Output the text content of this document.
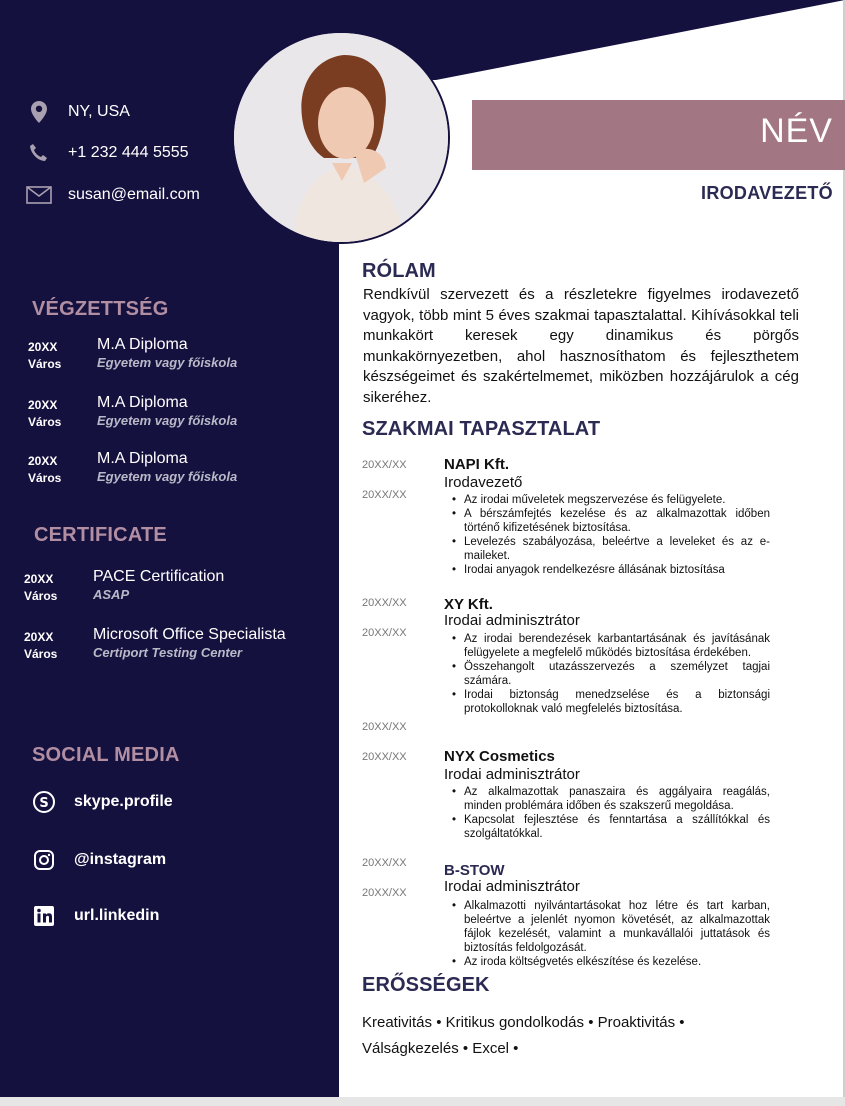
NY, USA
+1 232 444 5555
susan@email.com
NÉV
IRODAVEZETŐ
VÉGZETTSÉG
20XX
Város
M.A Diploma
Egyetem vagy főiskola
20XX
Város
M.A Diploma
Egyetem vagy főiskola
20XX
Város
M.A Diploma
Egyetem vagy főiskola
CERTIFICATE
20XX
Város
PACE Certification
ASAP
20XX
Város
Microsoft Office Specialista
Certiport Testing Center
SOCIAL MEDIA
S skype.profile
@instagram
url.linkedin
RÓLAM
Rendkívül szervezett és a részletekre figyelmes irodavezető vagyok, több mint 5 éves szakmai tapasztalattal. Kihívásokkal teli munkakört keresek egy dinamikus és pörgős munkakörnyezetben, ahol hasznosíthatom és fejleszthetem készségeimet és szakértelmemet, miközben hozzájárulok a cég sikeréhez.
SZAKMAI TAPASZTALAT
20XX/XX
20XX/XX
NAPI Kft.
Irodavezető
• Az irodai műveletek megszervezése és felügyelete.
• A bérszámfejtés kezelése és az alkalmazottak időben történő kifizetésének biztosítása.
• Levelezés szabályozása, beleértve a leveleket és az e-maileket.
• Irodai anyagok rendelkezésre állásának biztosítása
20XX/XX
20XX/XX
XY Kft.
Irodai adminisztrátor
• Az irodai berendezések karbantartásának és javításának felügyelete a megfelelő működés biztosítása érdekében.
• Összehangolt utazásszervezés a személyzet tagjai számára.
• Irodai biztonság menedzselése és a biztonsági protokolloknak való megfelelés biztosítása.
20XX/XX
20XX/XX NYX Cosmetics
Irodai adminisztrátor
• Az alkalmazottak panaszaira és aggályaira reagálás, minden problémára időben és szakszerű megoldása.
• Kapcsolat fejlesztése és fenntartása a szállítókkal és szolgáltatókkal.
20XX/XX
20XX/XX
B-STOW
Irodai adminisztrátor
• Alkalmazotti nyilvántartásokat hoz létre és tart karban, beleértve a jelenlét nyomon követését, az alkalmazottak fájlok kezelését, valamint a munkavállalói juttatások és biztosítás feldolgozását.
• Az iroda költségvetés elkészítése és kezelése.
ERŐSSÉGEK
Kreativitás • Kritikus gondolkodás • Proaktivitás •
Válságkezelés • Excel •
